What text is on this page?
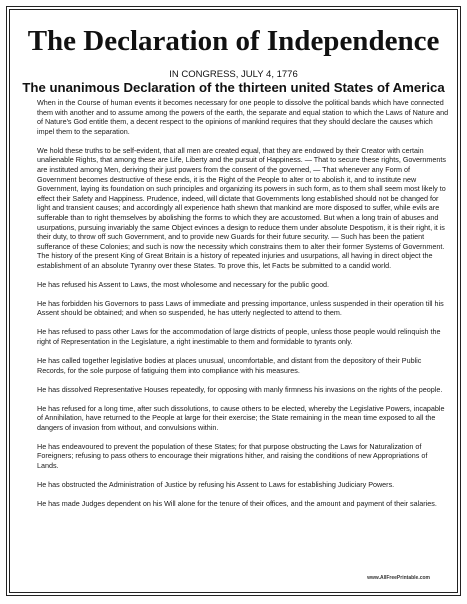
The Declaration of Independence
IN CONGRESS, JULY 4, 1776
The unanimous Declaration of the thirteen united States of America

When in the Course of human events it becomes necessary for one people to dissolve the political bands which have connected them with another and to assume among the powers of the earth, the separate and equal station to which the Laws of Nature and of Nature's God entitle them, a decent respect to the opinions of mankind requires that they should declare the causes which impel them to the separation.

We hold these truths to be self-evident, that all men are created equal, that they are endowed by their Creator with certain unalienable Rights, that among these are Life, Liberty and the pursuit of Happiness. — That to secure these rights, Governments are instituted among Men, deriving their just powers from the consent of the governed, — That whenever any Form of Government becomes destructive of these ends, it is the Right of the People to alter or to abolish it, and to institute new Government, laying its foundation on such principles and organizing its powers in such form, as to them shall seem most likely to effect their Safety and Happiness. Prudence, indeed, will dictate that Governments long established should not be changed for light and transient causes; and accordingly all experience hath shewn that mankind are more disposed to suffer, while evils are sufferable than to right themselves by abolishing the forms to which they are accustomed. But when a long train of abuses and usurpations, pursuing invariably the same Object evinces a design to reduce them under absolute Despotism, it is their right, it is their duty, to throw off such Government, and to provide new Guards for their future security. — Such has been the patient sufferance of these Colonies; and such is now the necessity which constrains them to alter their former Systems of Government. The history of the present King of Great Britain is a history of repeated injuries and usurpations, all having in direct object the establishment of an absolute Tyranny over these States. To prove this, let Facts be submitted to a candid world.

He has refused his Assent to Laws, the most wholesome and necessary for the public good.

He has forbidden his Governors to pass Laws of immediate and pressing importance, unless suspended in their operation till his Assent should be obtained; and when so suspended, he has utterly neglected to attend to them.

He has refused to pass other Laws for the accommodation of large districts of people, unless those people would relinquish the right of Representation in the Legislature, a right inestimable to them and formidable to tyrants only.

He has called together legislative bodies at places unusual, uncomfortable, and distant from the depository of their Public Records, for the sole purpose of fatiguing them into compliance with his measures.

He has dissolved Representative Houses repeatedly, for opposing with manly firmness his invasions on the rights of the people.

He has refused for a long time, after such dissolutions, to cause others to be elected, whereby the Legislative Powers, incapable of Annihilation, have returned to the People at large for their exercise; the State remaining in the mean time exposed to all the dangers of invasion from without, and convulsions within.

He has endeavoured to prevent the population of these States; for that purpose obstructing the Laws for Naturalization of Foreigners; refusing to pass others to encourage their migrations hither, and raising the conditions of new Appropriations of Lands.

He has obstructed the Administration of Justice by refusing his Assent to Laws for establishing Judiciary Powers.

He has made Judges dependent on his Will alone for the tenure of their offices, and the amount and payment of their salaries.

www.AllFreePrintable.com
